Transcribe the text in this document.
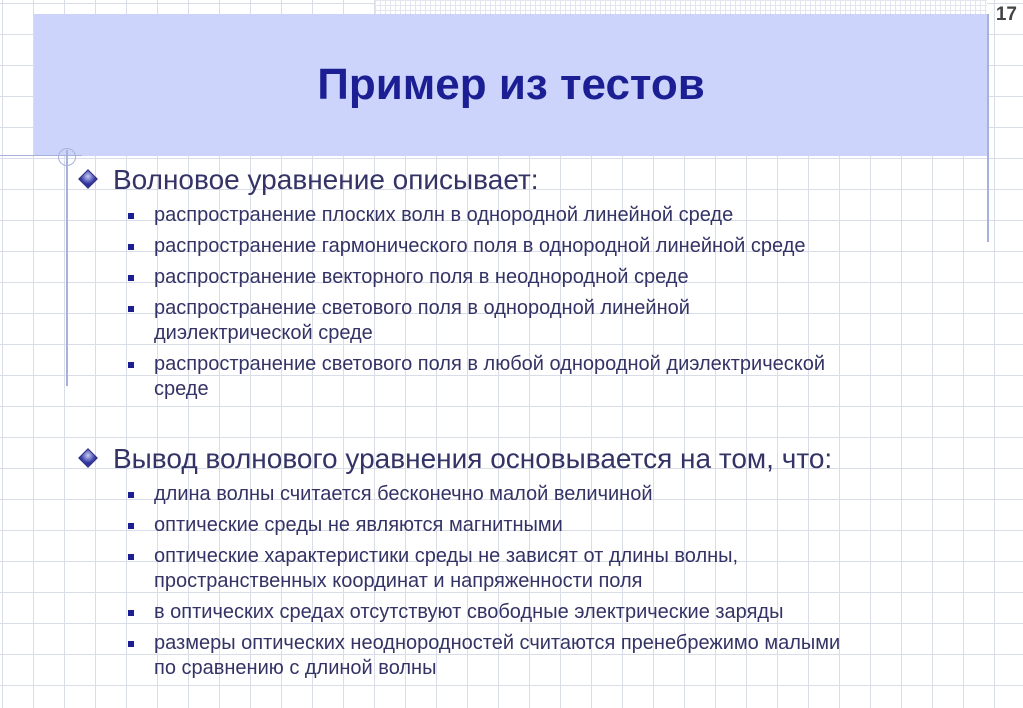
Пример из тестов
17

Волновое уравнение описывает:

распространение плоских волн в однородной линейной среде
распространение гармонического поля в однородной линейной среде
распространение векторного поля в неоднородной среде
распространение светового поля в однородной линейной
диэлектрической среде
распространение светового поля в любой однородной диэлектрической
среде

Вывод волнового уравнения основывается на том, что:

длина волны считается бесконечно малой величиной
оптические среды не являются магнитными
оптические характеристики среды не зависят от длины волны,
пространственных координат и напряженности поля
в оптических средах отсутствуют свободные электрические заряды
размеры оптических неоднородностей считаются пренебрежимо малыми
по сравнению с длиной волны
